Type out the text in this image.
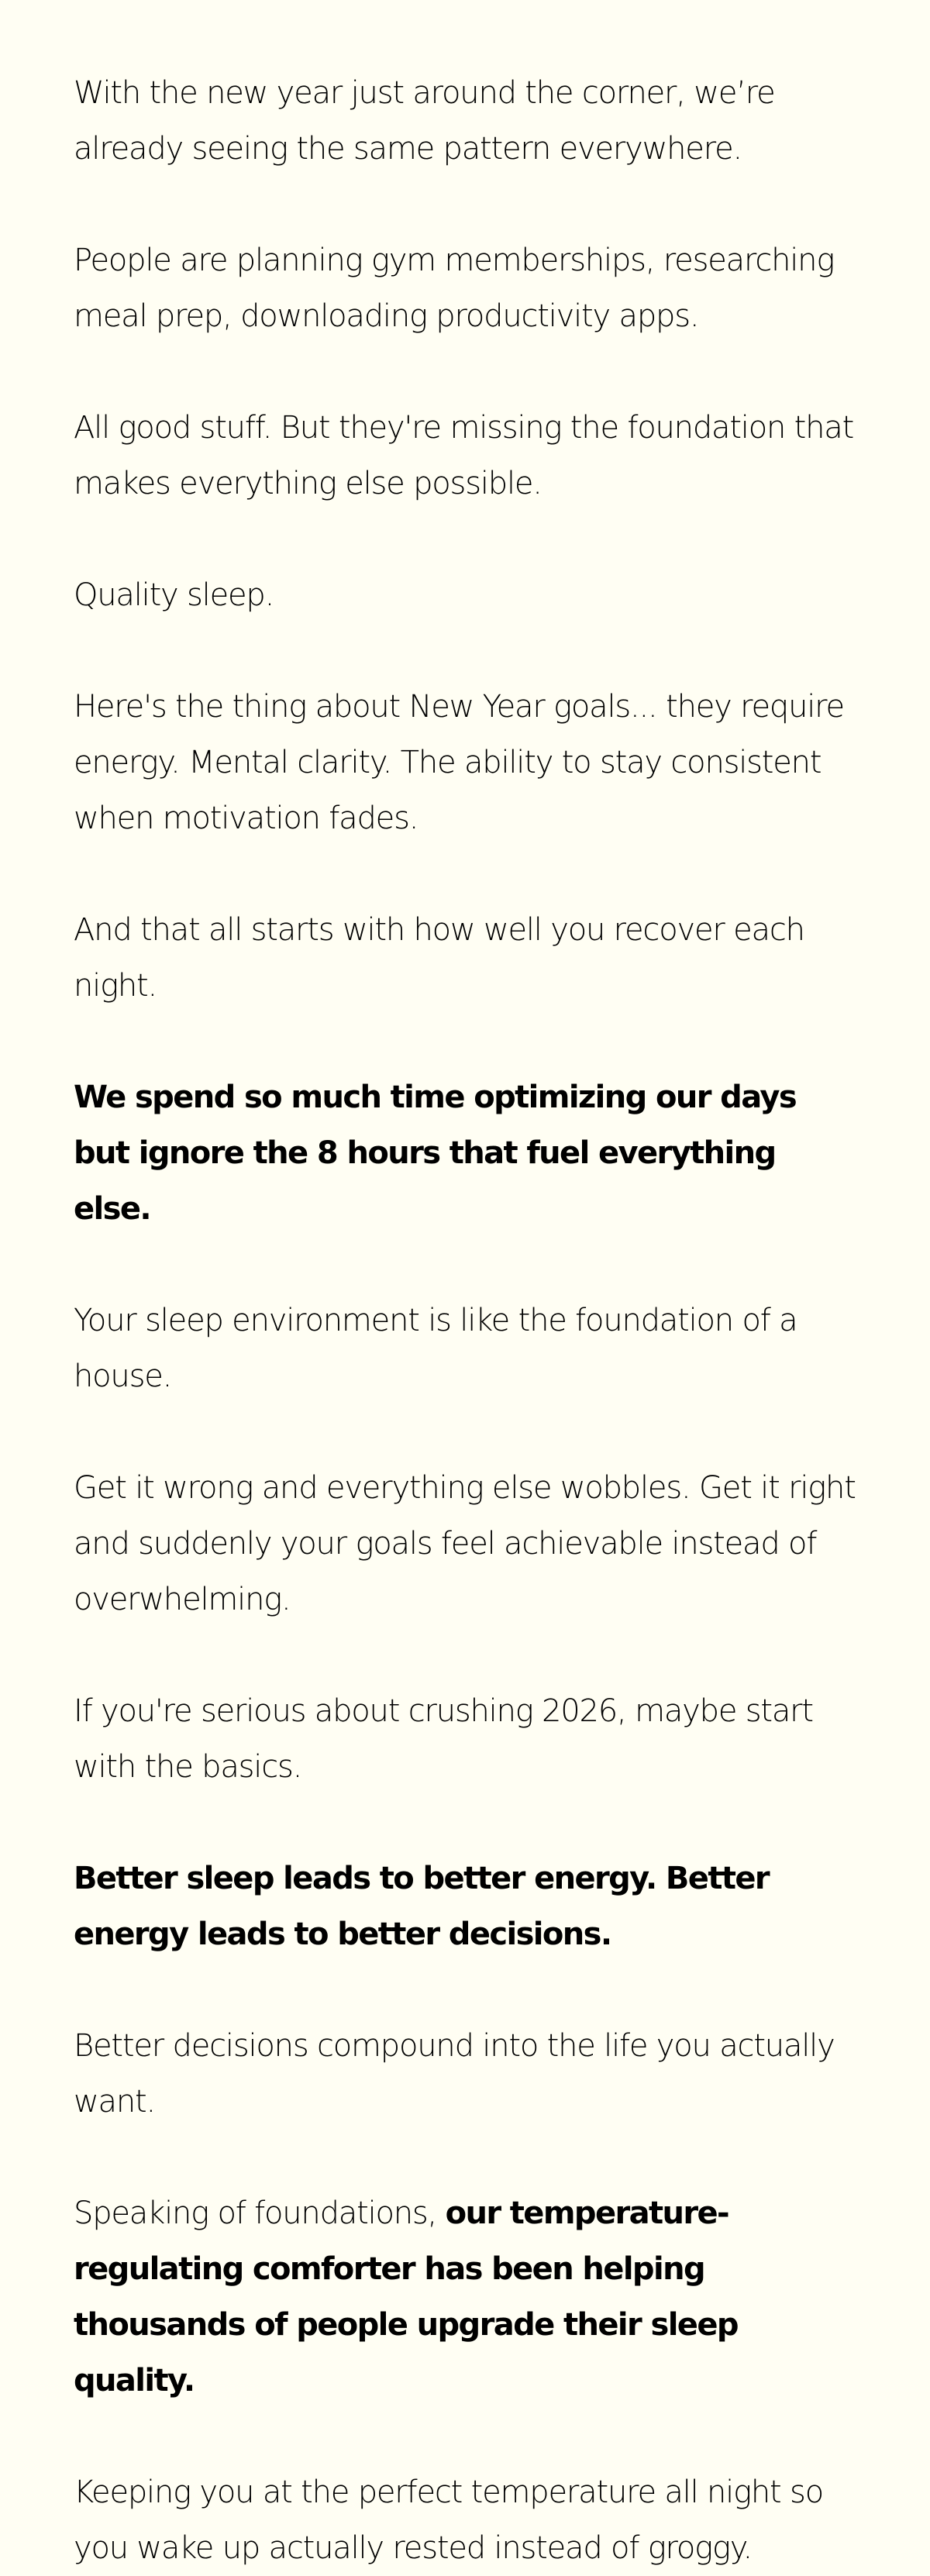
With the new year just around the corner, we’re already seeing the same pattern everywhere.

People are planning gym memberships, researching meal prep, downloading productivity apps.

All good stuff. But they're missing the foundation that makes everything else possible.

Quality sleep.

Here's the thing about New Year goals... they require energy. Mental clarity. The ability to stay consistent when motivation fades.

And that all starts with how well you recover each night.

We spend so much time optimizing our days but ignore the 8 hours that fuel everything else.

Your sleep environment is like the foundation of a house.

Get it wrong and everything else wobbles. Get it right and suddenly your goals feel achievable instead of overwhelming.

If you're serious about crushing 2026, maybe start with the basics.

Better sleep leads to better energy. Better energy leads to better decisions.

Better decisions compound into the life you actually want.

Speaking of foundations, our temperature-regulating comforter has been helping thousands of people upgrade their sleep quality.

Keeping you at the perfect temperature all night so you wake up actually rested instead of groggy.
